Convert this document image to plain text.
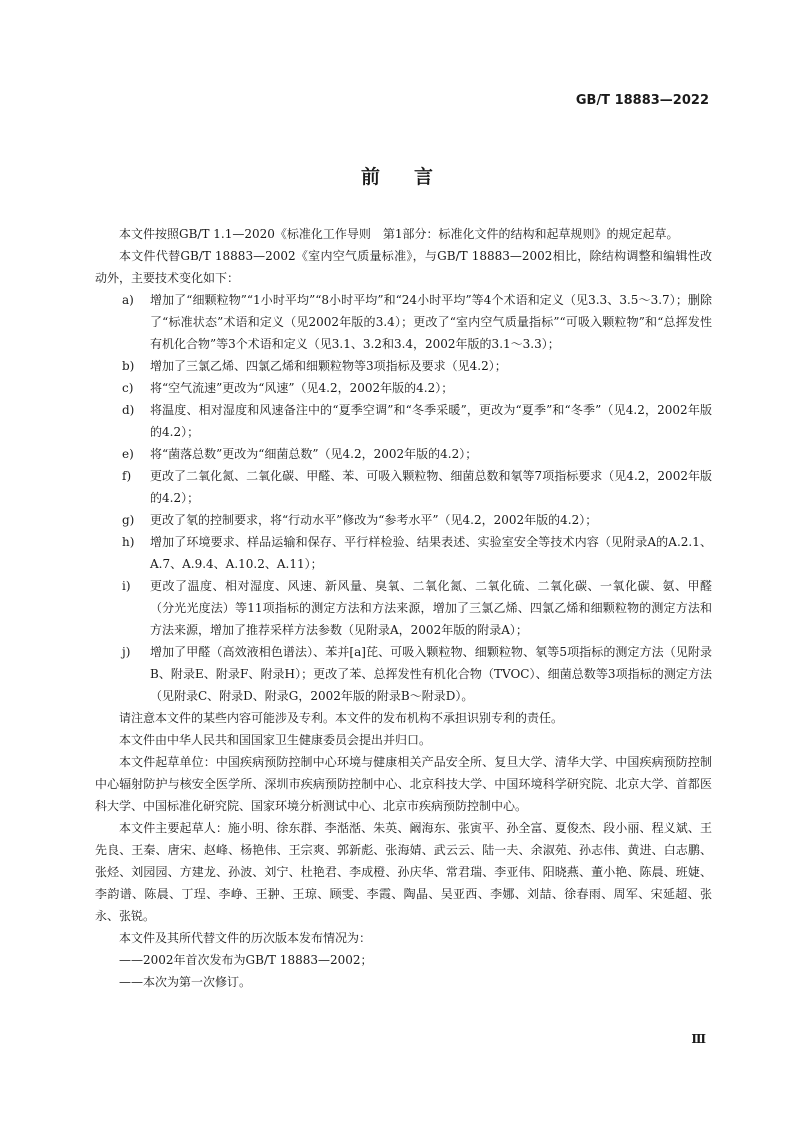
GB/T 18883—2022
前言

本文件按照GB/T 1.1—2020《标准化工作导则　第1部分：标准化文件的结构和起草规则》的规定起草。

本文件代替GB/T 18883—2002《室内空气质量标准》，与GB/T 18883—2002相比，除结构调整和编辑性改动外，主要技术变化如下：

a) 增加了“细颗粒物”“1小时平均”“8小时平均”和“24小时平均”等4个术语和定义（见3.3、3.5～3.7）；删除了“标准状态”术语和定义（见2002年版的3.4）；更改了“室内空气质量指标”“可吸入颗粒物”和“总挥发性有机化合物”等3个术语和定义（见3.1、3.2和3.4，2002年版的3.1～3.3）；
b) 增加了三氯乙烯、四氯乙烯和细颗粒物等3项指标及要求（见4.2）；
c) 将“空气流速”更改为“风速”（见4.2，2002年版的4.2）；
d) 将温度、相对湿度和风速备注中的“夏季空调”和“冬季采暖”，更改为“夏季”和“冬季”（见4.2，2002年版的4.2）；
e) 将“菌落总数”更改为“细菌总数”（见4.2，2002年版的4.2）；
f) 更改了二氧化氮、二氧化碳、甲醛、苯、可吸入颗粒物、细菌总数和氡等7项指标要求（见4.2，2002年版的4.2）；
g) 更改了氡的控制要求，将“行动水平”修改为“参考水平”（见4.2，2002年版的4.2）；
h) 增加了环境要求、样品运输和保存、平行样检验、结果表述、实验室安全等技术内容（见附录A的A.2.1、A.7、A.9.4、A.10.2、A.11）；
i) 更改了温度、相对湿度、风速、新风量、臭氧、二氧化氮、二氧化硫、二氧化碳、一氧化碳、氨、甲醛（分光光度法）等11项指标的测定方法和方法来源，增加了三氯乙烯、四氯乙烯和细颗粒物的测定方法和方法来源，增加了推荐采样方法参数（见附录A，2002年版的附录A）；
j) 增加了甲醛（高效液相色谱法）、苯并[a]芘、可吸入颗粒物、细颗粒物、氡等5项指标的测定方法（见附录B、附录E、附录F、附录H）；更改了苯、总挥发性有机化合物（TVOC）、细菌总数等3项指标的测定方法（见附录C、附录D、附录G，2002年版的附录B～附录D）。

请注意本文件的某些内容可能涉及专利。本文件的发布机构不承担识别专利的责任。

本文件由中华人民共和国国家卫生健康委员会提出并归口。

本文件起草单位：中国疾病预防控制中心环境与健康相关产品安全所、复旦大学、清华大学、中国疾病预防控制中心辐射防护与核安全医学所、深圳市疾病预防控制中心、北京科技大学、中国环境科学研究院、北京大学、首都医科大学、中国标准化研究院、国家环境分析测试中心、北京市疾病预防控制中心。

本文件主要起草人：施小明、徐东群、李湉湉、朱英、阚海东、张寅平、孙全富、夏俊杰、段小丽、程义斌、王先良、王秦、唐宋、赵峰、杨艳伟、王宗爽、郭新彪、张海婧、武云云、陆一夫、余淑苑、孙志伟、黄进、白志鹏、张烃、刘园园、方建龙、孙波、刘宁、杜艳君、李成橙、孙庆华、常君瑞、李亚伟、阳晓燕、董小艳、陈晨、班婕、李韵谱、陈晨、丁珵、李峥、王翀、王琼、顾雯、李霞、陶晶、吴亚西、李娜、刘喆、徐春雨、周军、宋延超、张永、张锐。

本文件及其所代替文件的历次版本发布情况为：

——2002年首次发布为GB/T 18883—2002；

——本次为第一次修订。

Ⅲ
